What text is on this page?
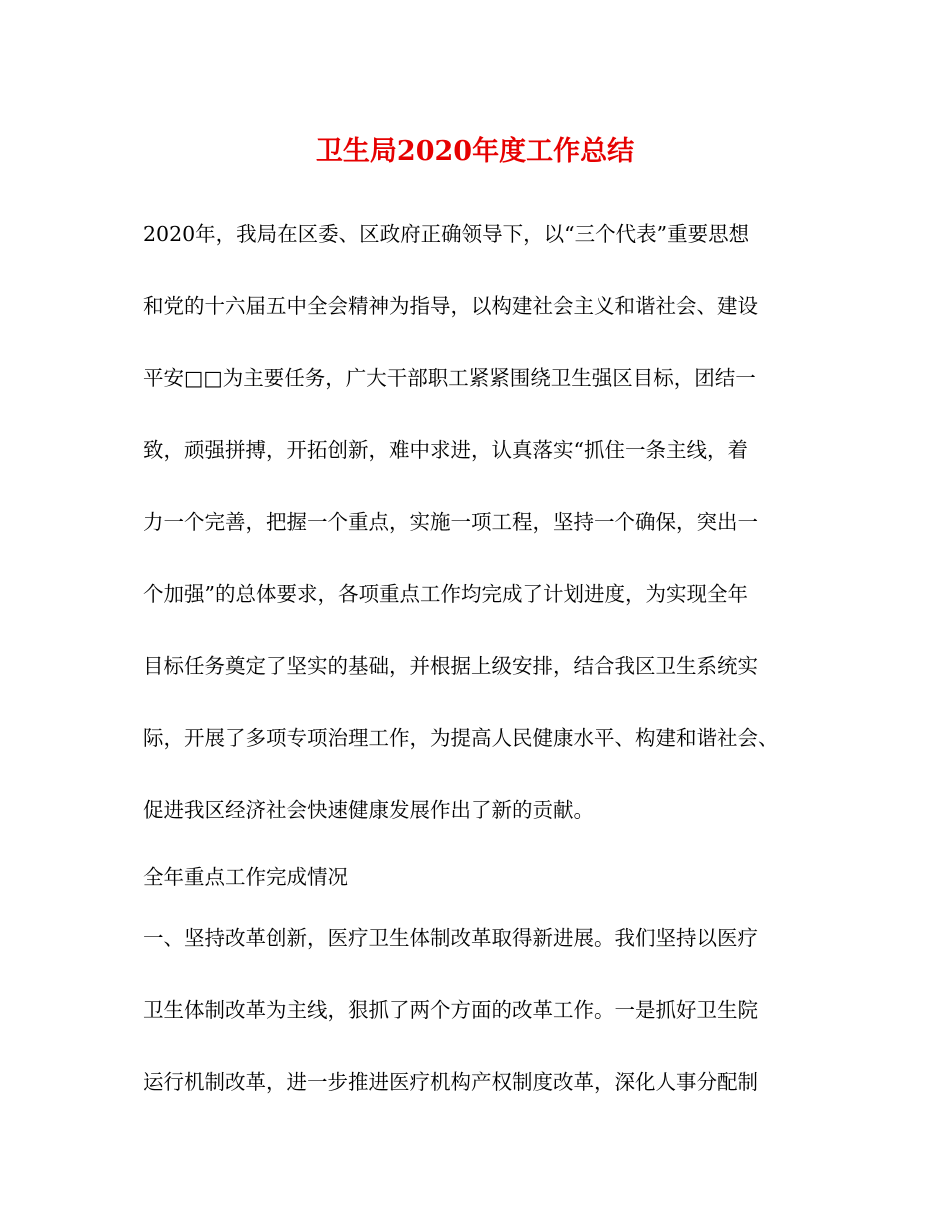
卫生局2020年度工作总结
2020年，我局在区委、区政府正确领导下，以“三个代表”重要思想
和党的十六届五中全会精神为指导，以构建社会主义和谐社会、建设
平安□□为主要任务，广大干部职工紧紧围绕卫生强区目标，团结一
致，顽强拼搏，开拓创新，难中求进，认真落实“抓住一条主线，着
力一个完善，把握一个重点，实施一项工程，坚持一个确保，突出一
个加强”的总体要求，各项重点工作均完成了计划进度，为实现全年
目标任务奠定了坚实的基础，并根据上级安排，结合我区卫生系统实
际，开展了多项专项治理工作，为提高人民健康水平、构建和谐社会、
促进我区经济社会快速健康发展作出了新的贡献。
全年重点工作完成情况
一、坚持改革创新，医疗卫生体制改革取得新进展。我们坚持以医疗
卫生体制改革为主线，狠抓了两个方面的改革工作。一是抓好卫生院
运行机制改革，进一步推进医疗机构产权制度改革，深化人事分配制
